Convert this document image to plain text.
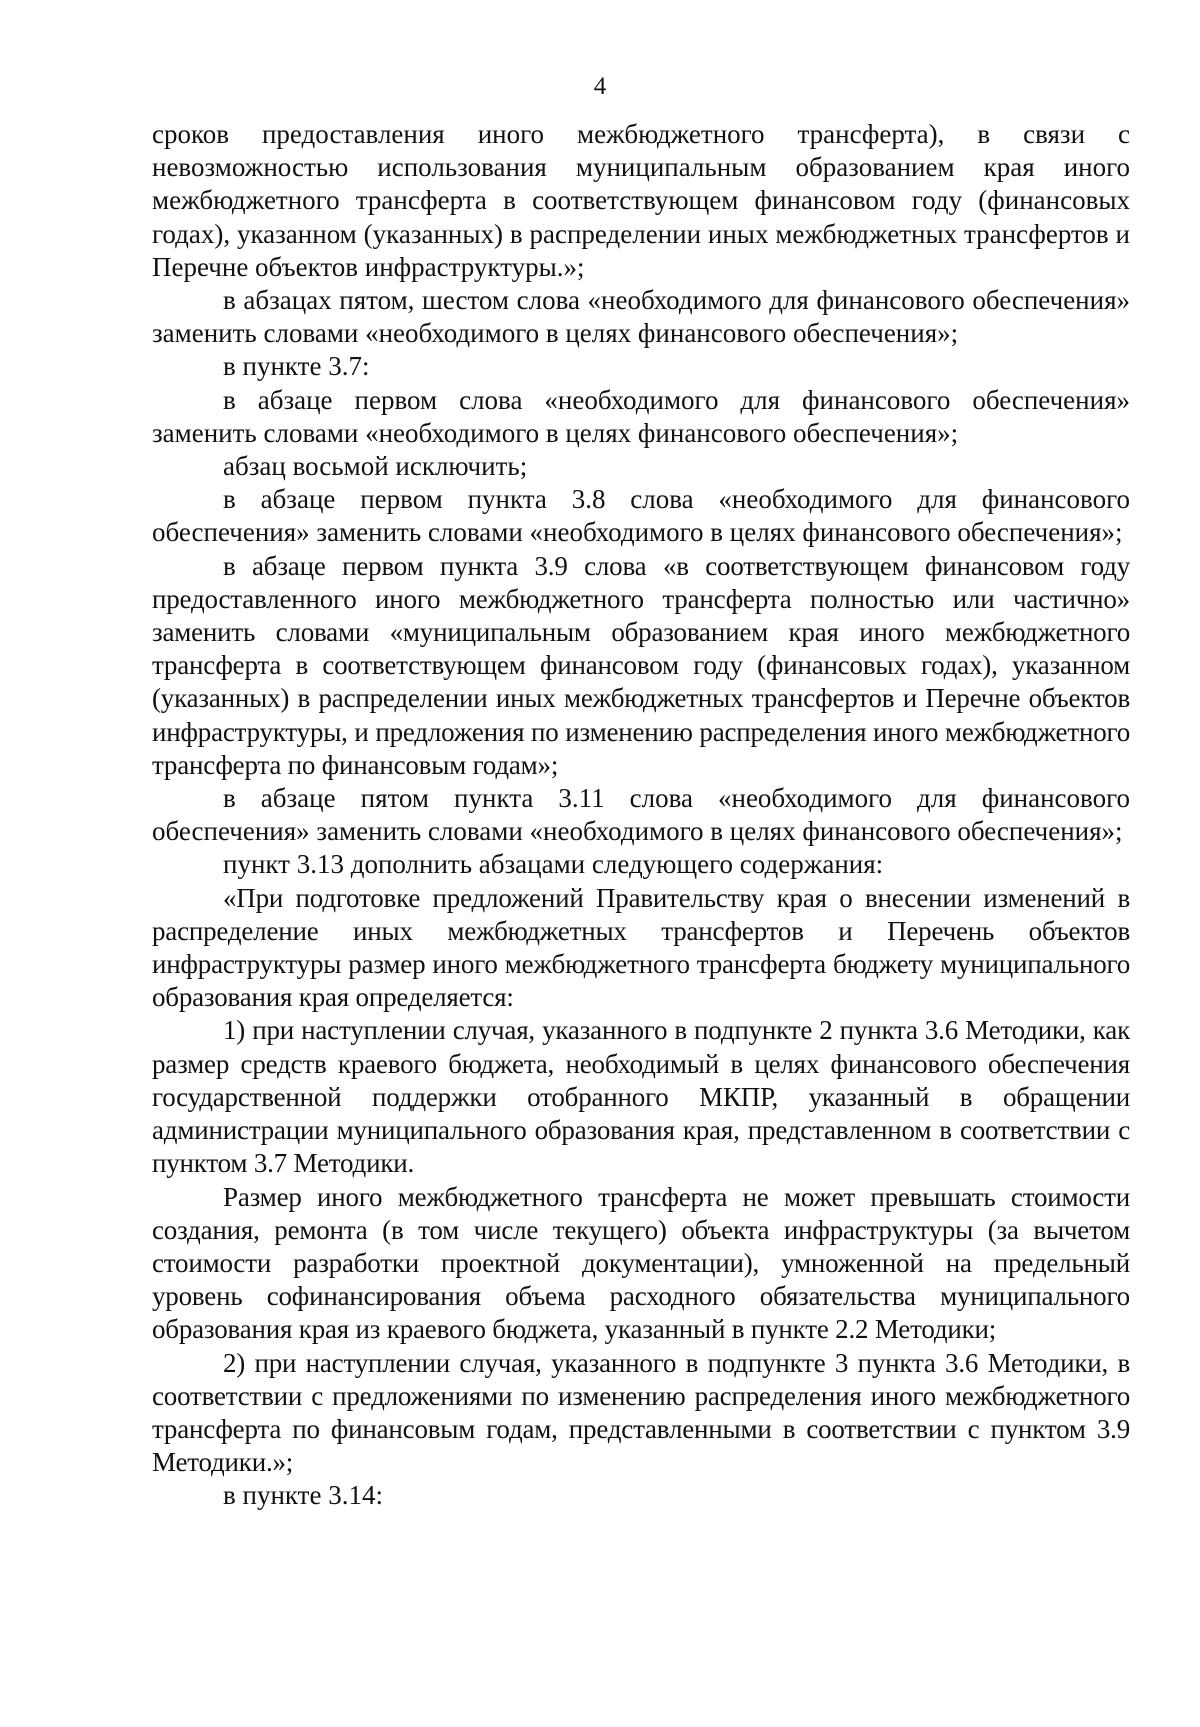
4

сроков предоставления иного межбюджетного трансферта), в связи с невозможностью использования муниципальным образованием края иного межбюджетного трансферта в соответствующем финансовом году (финансовых годах), указанном (указанных) в распределении иных межбюджетных трансфертов и Перечне объектов инфраструктуры.»;

в абзацах пятом, шестом слова «необходимого для финансового обеспечения» заменить словами «необходимого в целях финансового обеспечения»;

в пункте 3.7:

в абзаце первом слова «необходимого для финансового обеспечения» заменить словами «необходимого в целях финансового обеспечения»;

абзац восьмой исключить;

в абзаце первом пункта 3.8 слова «необходимого для финансового обеспечения» заменить словами «необходимого в целях финансового обеспечения»;

в абзаце первом пункта 3.9 слова «в соответствующем финансовом году предоставленного иного межбюджетного трансферта полностью или частично» заменить словами «муниципальным образованием края иного межбюджетного трансферта в соответствующем финансовом году (финансовых годах), указанном (указанных) в распределении иных межбюджетных трансфертов и Перечне объектов инфраструктуры, и предложения по изменению распределения иного межбюджетного трансферта по финансовым годам»;

в абзаце пятом пункта 3.11 слова «необходимого для финансового обеспечения» заменить словами «необходимого в целях финансового обеспечения»;

пункт 3.13 дополнить абзацами следующего содержания:

«При подготовке предложений Правительству края о внесении изменений в распределение иных межбюджетных трансфертов и Перечень объектов инфраструктуры размер иного межбюджетного трансферта бюджету муниципального образования края определяется:

1) при наступлении случая, указанного в подпункте 2 пункта 3.6 Методики, как размер средств краевого бюджета, необходимый в целях финансового обеспечения государственной поддержки отобранного МКПР, указанный в обращении администрации муниципального образования края, представленном в соответствии с пунктом 3.7 Методики.

Размер иного межбюджетного трансферта не может превышать стоимости создания, ремонта (в том числе текущего) объекта инфраструктуры (за вычетом стоимости разработки проектной документации), умноженной на предельный уровень софинансирования объема расходного обязательства муниципального образования края из краевого бюджета, указанный в пункте 2.2 Методики;

2) при наступлении случая, указанного в подпункте 3 пункта 3.6 Методики, в соответствии с предложениями по изменению распределения иного межбюджетного трансферта по финансовым годам, представленными в соответствии с пунктом 3.9 Методики.»;

в пункте 3.14:
